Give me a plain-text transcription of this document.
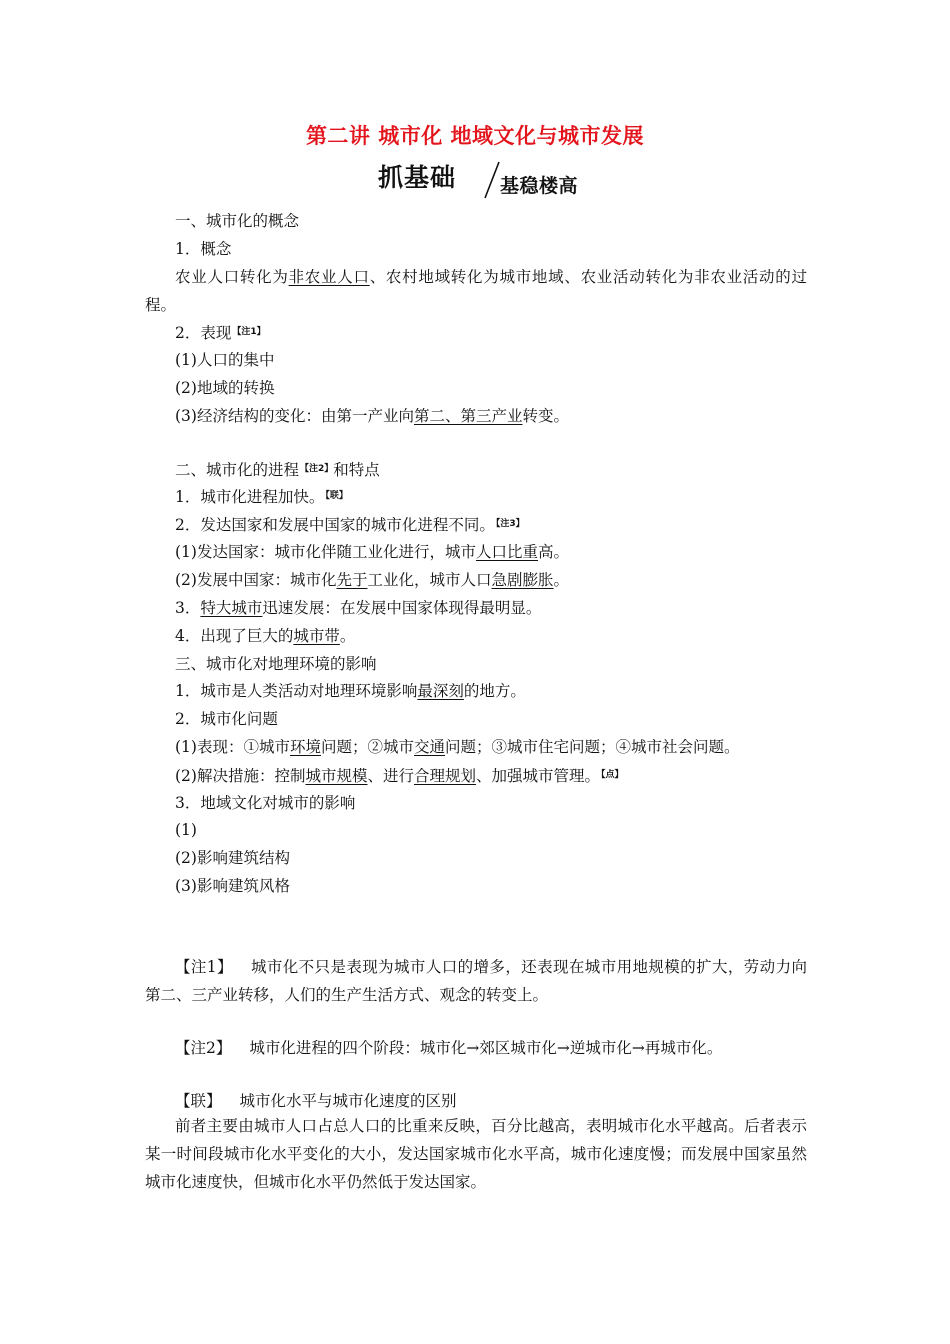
第二讲 城市化 地域文化与城市发展
抓基础 基稳楼高
一、城市化的概念
1．概念
农业人口转化为非农业人口、农村地域转化为城市地域、农业活动转化为非农业活动的过程。
2．表现$^{【注1】}$
(1)人口的集中
(2)地域的转换
(3)经济结构的变化：由第一产业向第二、第三产业转变。
二、城市化的进程$^{【注2】}$和特点
1．城市化进程加快。$^{【联】}$
2．发达国家和发展中国家的城市化进程不同。$^{【注3】}$
(1)发达国家：城市化伴随工业化进行，城市人口比重高。
(2)发展中国家：城市化先于工业化，城市人口急剧膨胀。
3．特大城市迅速发展：在发展中国家体现得最明显。
4．出现了巨大的城市带。
三、城市化对地理环境的影响
1．城市是人类活动对地理环境影响最深刻的地方。
2．城市化问题
(1)表现：①城市环境问题；②城市交通问题；③城市住宅问题；④城市社会问题。
(2)解决措施：控制城市规模、进行合理规划、加强城市管理。$^{【点】}$
3．地域文化对城市的影响
(1)
(2)影响建筑结构
(3)影响建筑风格
【注1】 城市化不只是表现为城市人口的增多，还表现在城市用地规模的扩大，劳动力向第二、三产业转移，人们的生产生活方式、观念的转变上。
【注2】 城市化进程的四个阶段：城市化→郊区城市化→逆城市化→再城市化。
【联】 城市化水平与城市化速度的区别
前者主要由城市人口占总人口的比重来反映，百分比越高，表明城市化水平越高。后者表示某一时间段城市化水平变化的大小，发达国家城市化水平高，城市化速度慢；而发展中国家虽然城市化速度快，但城市化水平仍然低于发达国家。
